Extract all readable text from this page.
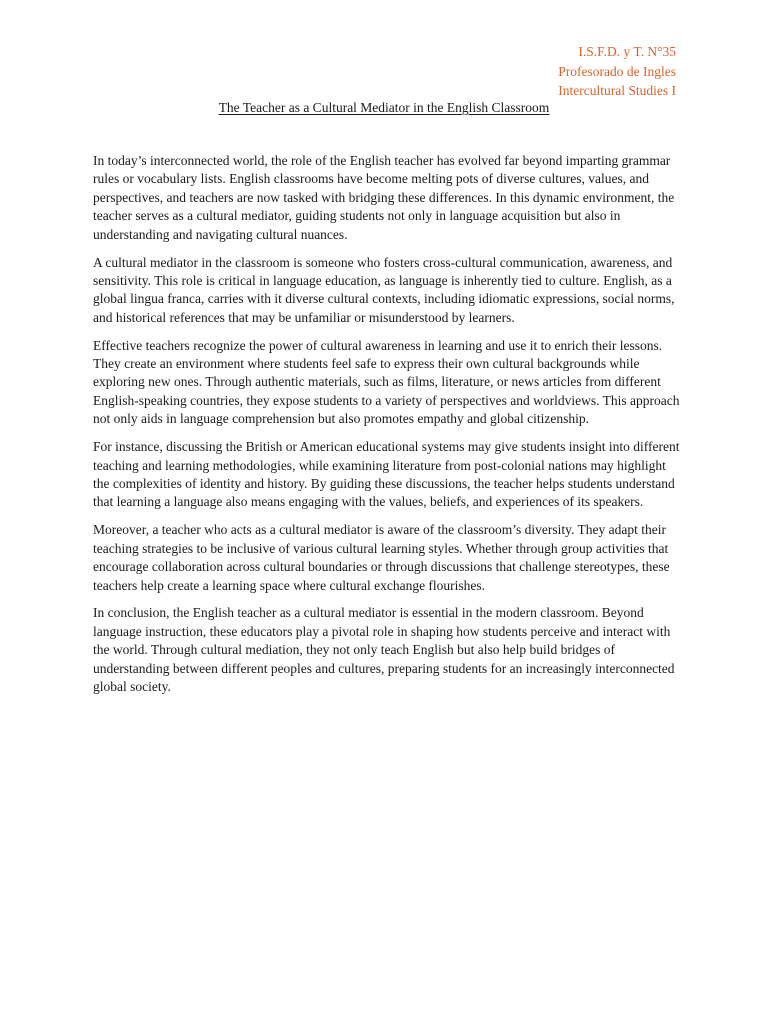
I.S.F.D. y T. N°35
Profesorado de Ingles
Intercultural Studies I
The Teacher as a Cultural Mediator in the English Classroom

In today’s interconnected world, the role of the English teacher has evolved far beyond imparting grammar rules or vocabulary lists. English classrooms have become melting pots of diverse cultures, values, and perspectives, and teachers are now tasked with bridging these differences. In this dynamic environment, the teacher serves as a cultural mediator, guiding students not only in language acquisition but also in understanding and navigating cultural nuances.

A cultural mediator in the classroom is someone who fosters cross-cultural communication, awareness, and sensitivity. This role is critical in language education, as language is inherently tied to culture. English, as a global lingua franca, carries with it diverse cultural contexts, including idiomatic expressions, social norms, and historical references that may be unfamiliar or misunderstood by learners.

Effective teachers recognize the power of cultural awareness in learning and use it to enrich their lessons. They create an environment where students feel safe to express their own cultural backgrounds while exploring new ones. Through authentic materials, such as films, literature, or news articles from different English-speaking countries, they expose students to a variety of perspectives and worldviews. This approach not only aids in language comprehension but also promotes empathy and global citizenship.

For instance, discussing the British or American educational systems may give students insight into different teaching and learning methodologies, while examining literature from post-colonial nations may highlight the complexities of identity and history. By guiding these discussions, the teacher helps students understand that learning a language also means engaging with the values, beliefs, and experiences of its speakers.

Moreover, a teacher who acts as a cultural mediator is aware of the classroom’s diversity. They adapt their teaching strategies to be inclusive of various cultural learning styles. Whether through group activities that encourage collaboration across cultural boundaries or through discussions that challenge stereotypes, these teachers help create a learning space where cultural exchange flourishes.

In conclusion, the English teacher as a cultural mediator is essential in the modern classroom. Beyond language instruction, these educators play a pivotal role in shaping how students perceive and interact with the world. Through cultural mediation, they not only teach English but also help build bridges of understanding between different peoples and cultures, preparing students for an increasingly interconnected global society.
